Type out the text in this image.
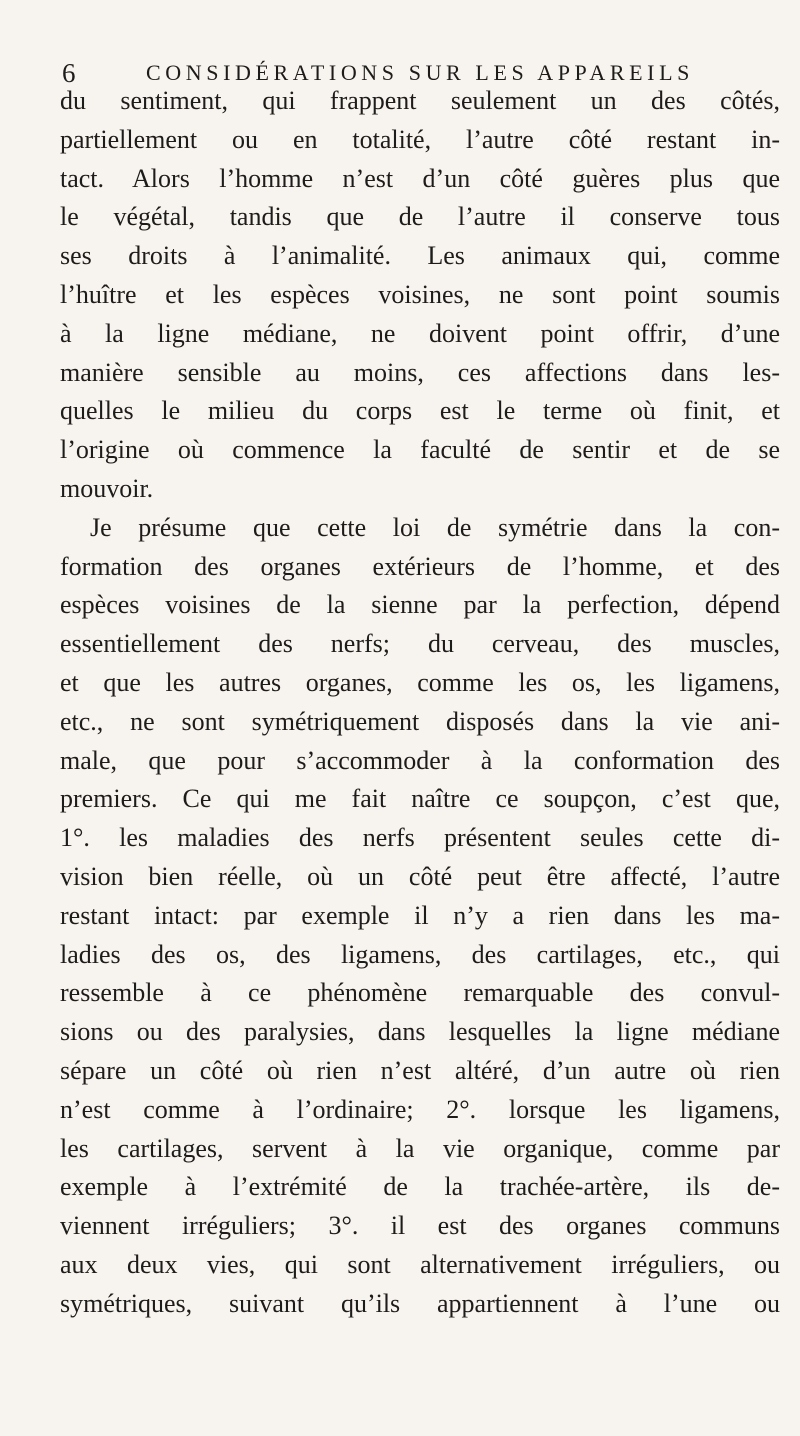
6	CONSIDÉRATIONS SUR LES APPAREILS
du sentiment, qui frappent seulement un des côtés,
partiellement ou en totalité, l’autre côté restant in-
tact. Alors l’homme n’est d’un côté guères plus que
le végétal, tandis que de l’autre il conserve tous
ses droits à l’animalité. Les animaux qui, comme
l’huître et les espèces voisines, ne sont point soumis
à la ligne médiane, ne doivent point offrir, d’une
manière sensible au moins, ces affections dans les-
quelles le milieu du corps est le terme où finit, et
l’origine où commence la faculté de sentir et de se
mouvoir.
Je présume que cette loi de symétrie dans la con-
formation des organes extérieurs de l’homme, et des
espèces voisines de la sienne par la perfection, dépend
essentiellement des nerfs; du cerveau, des muscles,
et que les autres organes, comme les os, les ligamens,
etc., ne sont symétriquement disposés dans la vie ani-
male, que pour s’accommoder à la conformation des
premiers. Ce qui me fait naître ce soupçon, c’est que,
1°. les maladies des nerfs présentent seules cette di-
vision bien réelle, où un côté peut être affecté, l’autre
restant intact: par exemple il n’y a rien dans les ma-
ladies des os, des ligamens, des cartilages, etc., qui
ressemble à ce phénomène remarquable des convul-
sions ou des paralysies, dans lesquelles la ligne médiane
sépare un côté où rien n’est altéré, d’un autre où rien
n’est comme à l’ordinaire; 2°. lorsque les ligamens,
les cartilages, servent à la vie organique, comme par
exemple à l’extrémité de la trachée-artère, ils de-
viennent irréguliers; 3°. il est des organes communs
aux deux vies, qui sont alternativement irréguliers, ou
symétriques, suivant qu’ils appartiennent à l’une ou
